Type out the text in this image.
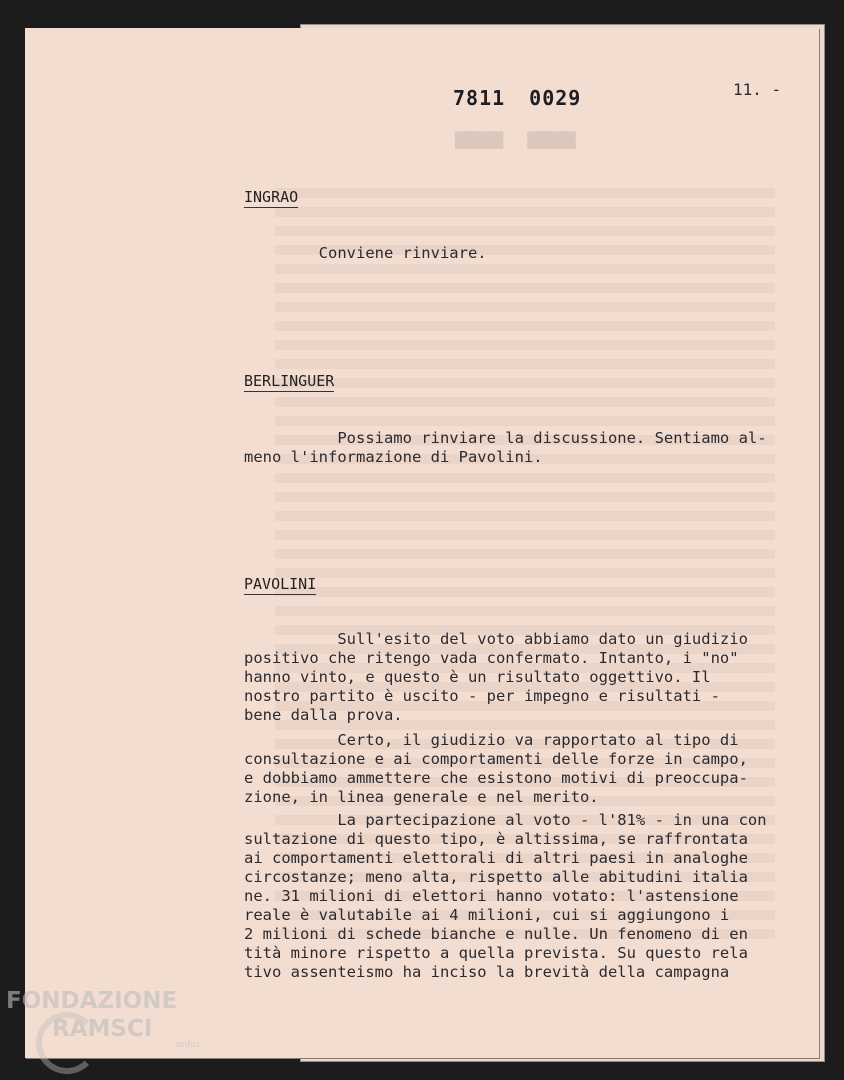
▆▆▆▆  ▆▆▆▆
7811 0029	11. -
INGRAO

Conviene rinviare.

BERLINGUER

Possiamo rinviare la discussione. Sentiamo al-
meno l'informazione di Pavolini.

PAVOLINI

Sull'esito del voto abbiamo dato un giudizio
positivo che ritengo vada confermato. Intanto, i "no"
hanno vinto, e questo è un risultato oggettivo. Il
nostro partito è uscito - per impegno e risultati -
bene dalla prova.

Certo, il giudizio va rapportato al tipo di
consultazione e ai comportamenti delle forze in campo,
e dobbiamo ammettere che esistono motivi di preoccupa-
zione, in linea generale e nel merito.

La partecipazione al voto - l'81% - in una con
sultazione di questo tipo, è altissima, se raffrontata
ai comportamenti elettorali di altri paesi in analoghe
circostanze; meno alta, rispetto alle abitudini italia
ne. 31 milioni di elettori hanno votato: l'astensione
reale è valutabile ai 4 milioni, cui si aggiungono i
2 milioni di schede bianche e nulle. Un fenomeno di en
tità minore rispetto a quella prevista. Su questo rela
tivo assenteismo ha inciso la brevità della campagna

FONDAZIONE
RAMSCI
onlus
